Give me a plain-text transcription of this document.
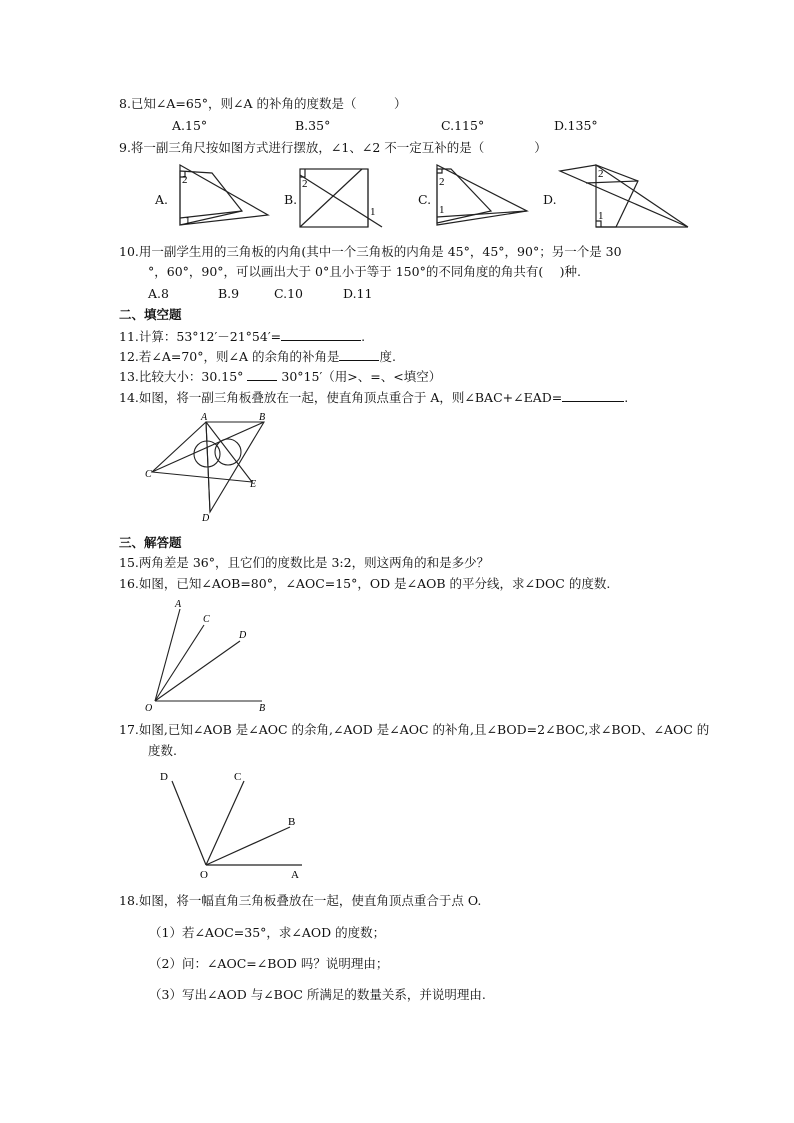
8.已知∠A=65°，则∠A 的补角的度数是（　　　）
A.15°	B.35°	C.115°	D.135°
9.将一副三角尺按如图方式进行摆放，∠1、∠2 不一定互补的是（　　　　）
A.
2
1
B.
2
1
C.
2
1
D.
2
1
10.用一副学生用的三角板的内角(其中一个三角板的内角是 45°，45°，90°；另一个是 30
°，60°，90°，可以画出大于 0°且小于等于 150°的不同角度的角共有(　 )种.
A.8	B.9	C.10	D.11
二、填空题
11.计算：53°12′－21°54′=	.
12.若∠A=70°，则∠A 的余角的补角是	度.
13.比较大小：30.15°	30°15′（用>、=、<填空）
14.如图，将一副三角板叠放在一起，使直角顶点重合于 A，则∠BAC+∠EAD=	.
A	B
C
D
E
三、解答题
15.两角差是 36°，且它们的度数比是 3:2，则这两角的和是多少？
16.如图，已知∠AOB=80°，∠AOC=15°，OD 是∠AOB 的平分线，求∠DOC 的度数.
A
C
D
O	B
17.如图,已知∠AOB 是∠AOC 的余角,∠AOD 是∠AOC 的补角,且∠BOD=2∠BOC,求∠BOD、∠AOC 的
度数.
D	C
B
O	A
18.如图，将一幅直角三角板叠放在一起，使直角顶点重合于点 O.
（1）若∠AOC=35°，求∠AOD 的度数；
（2）问：∠AOC=∠BOD 吗？说明理由；
（3）写出∠AOD 与∠BOC 所满足的数量关系，并说明理由.
